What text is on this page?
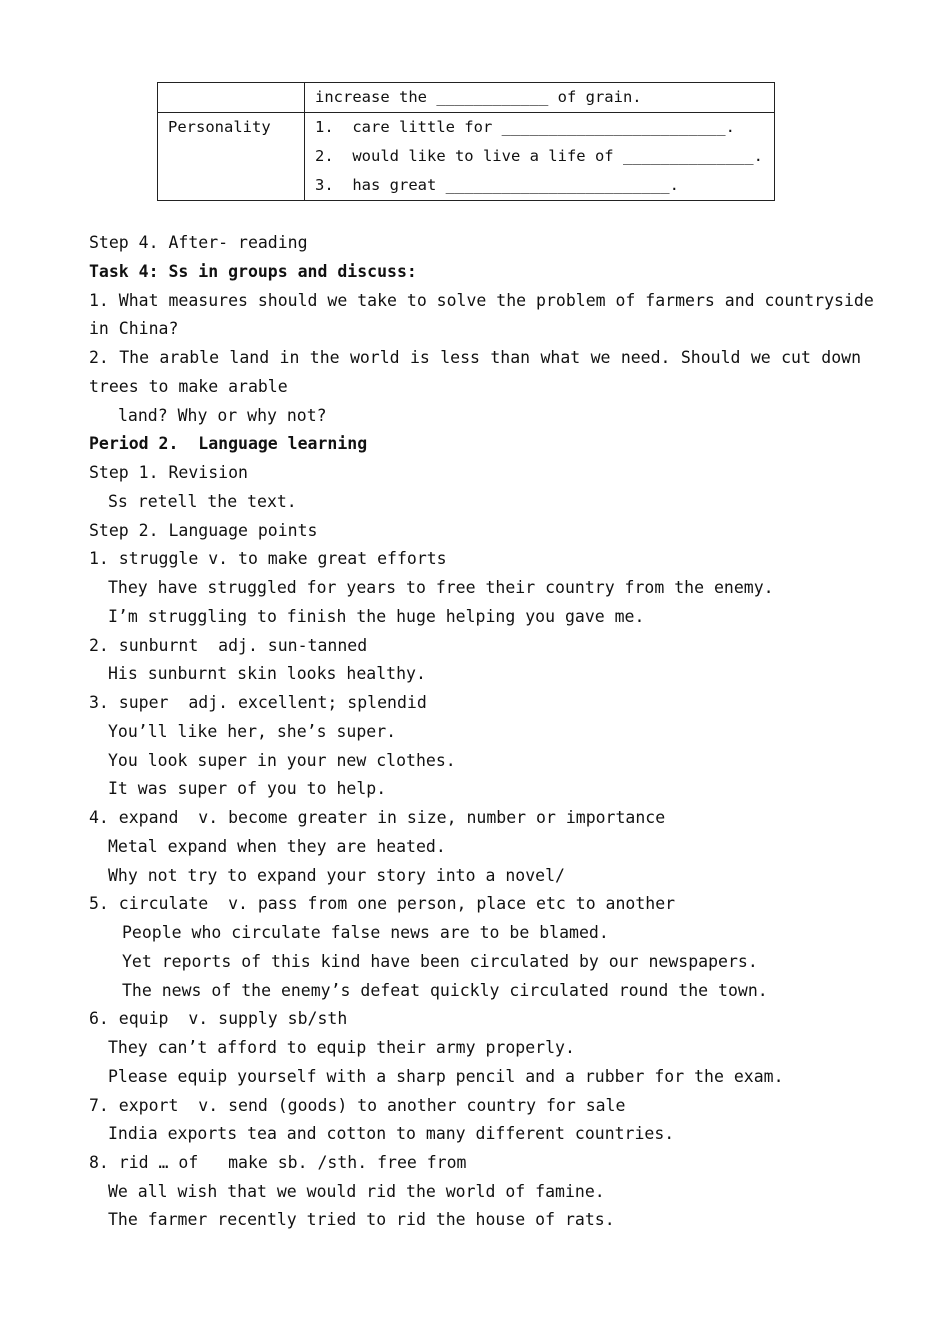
	increase the ____________ of grain.

Personality	1.  care little for ________________________.
2.  would like to live a life of ______________.
3.  has great ________________________.
Step 4. After- reading
Task 4: Ss in groups and discuss:
1. What measures should we take to solve the problem of farmers and countryside
in China?
2. The arable land in the world is less than what we need. Should we cut down
trees to make arable
land? Why or why not?
Period 2.  Language learning
Step 1. Revision
Ss retell the text.
Step 2. Language points
1. struggle v. to make great efforts
They have struggled for years to free their country from the enemy.
I’m struggling to finish the huge helping you gave me.
2. sunburnt  adj. sun-tanned
His sunburnt skin looks healthy.
3. super  adj. excellent; splendid
You’ll like her, she’s super.
You look super in your new clothes.
It was super of you to help.
4. expand  v. become greater in size, number or importance
Metal expand when they are heated.
Why not try to expand your story into a novel/
5. circulate  v. pass from one person, place etc to another
People who circulate false news are to be blamed.
Yet reports of this kind have been circulated by our newspapers.
The news of the enemy’s defeat quickly circulated round the town.
6. equip  v. supply sb/sth
They can’t afford to equip their army properly.
Please equip yourself with a sharp pencil and a rubber for the exam.
7. export  v. send (goods) to another country for sale
India exports tea and cotton to many different countries.
8. rid … of   make sb. /sth. free from
We all wish that we would rid the world of famine.
The farmer recently tried to rid the house of rats.
